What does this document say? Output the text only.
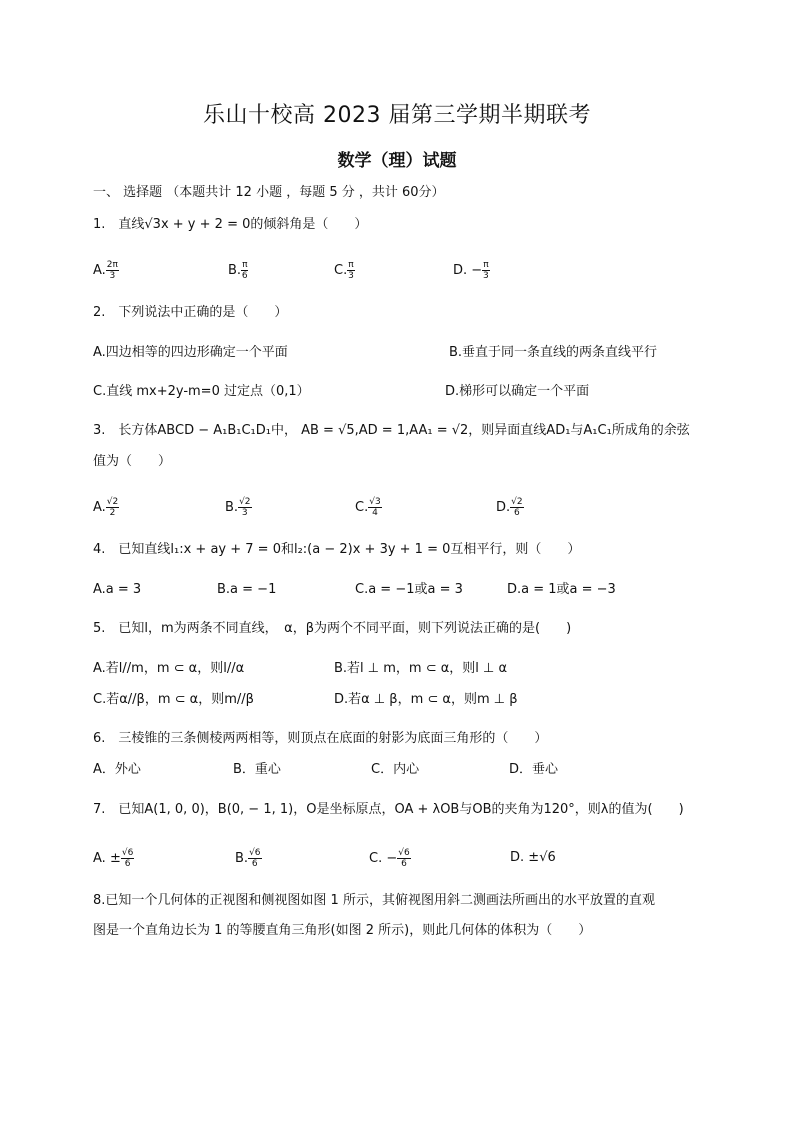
乐山十校高 2023 届第三学期半期联考
数学（理）试题
一、 选择题 （本题共计 12 小题 ，每题 5 分 ，共计 60分）
1.　直线√3x + y + 2 = 0的倾斜角是（　　）
A. $\frac{2\pi}{3}$	B. $\frac{\pi}{6}$	C. $\frac{\pi}{3}$	D. − $\frac{\pi}{3}$
2.　下列说法中正确的是（　　）
A.四边相等的四边形确定一个平面	B.垂直于同一条直线的两条直线平行
C.直线 mx+2y-m=0 过定点（0,1）	D.梯形可以确定一个平面
3.　长方体ABCD − A₁B₁C₁D₁中， AB = √5,AD = 1,AA₁ = √2，则异面直线AD₁与A₁C₁所成角的余弦
值为（　　）
A. $\frac{√2}{2}$	B. $\frac{√2}{3}$	C. $\frac{√3}{4}$	D. $\frac{√2}{6}$
4.　已知直线l₁:x + ay + 7 = 0和l₂:(a − 2)x + 3y + 1 = 0互相平行，则（　　）
A.a = 3	B.a = −1	C.a = −1或a = 3	D.a = 1或a = −3
5.　已知l，m为两条不同直线，　α，β为两个不同平面，则下列说法正确的是(　　)
A.若l//m，m ⊂ α，则l//α	B.若l ⊥ m，m ⊂ α，则l ⊥ α
C.若α//β，m ⊂ α，则m//β	D.若α ⊥ β，m ⊂ α，则m ⊥ β
6.　三棱锥的三条侧棱两两相等，则顶点在底面的射影为底面三角形的（　　）
A．外心	B．重心	C．内心	D．垂心
7.　已知A(1, 0, 0)，B(0, − 1, 1)，O是坐标原点，OA + λOB与OB的夹角为120°，则λ的值为(　　)
A. ± $\frac{√6}{6}$	B. $\frac{√6}{6}$	C. − $\frac{√6}{6}$	D. ±√6
8.已知一个几何体的正视图和侧视图如图 1 所示，其俯视图用斜二测画法所画出的水平放置的直观
图是一个直角边长为 1 的等腰直角三角形(如图 2 所示)，则此几何体的体积为（　　）
